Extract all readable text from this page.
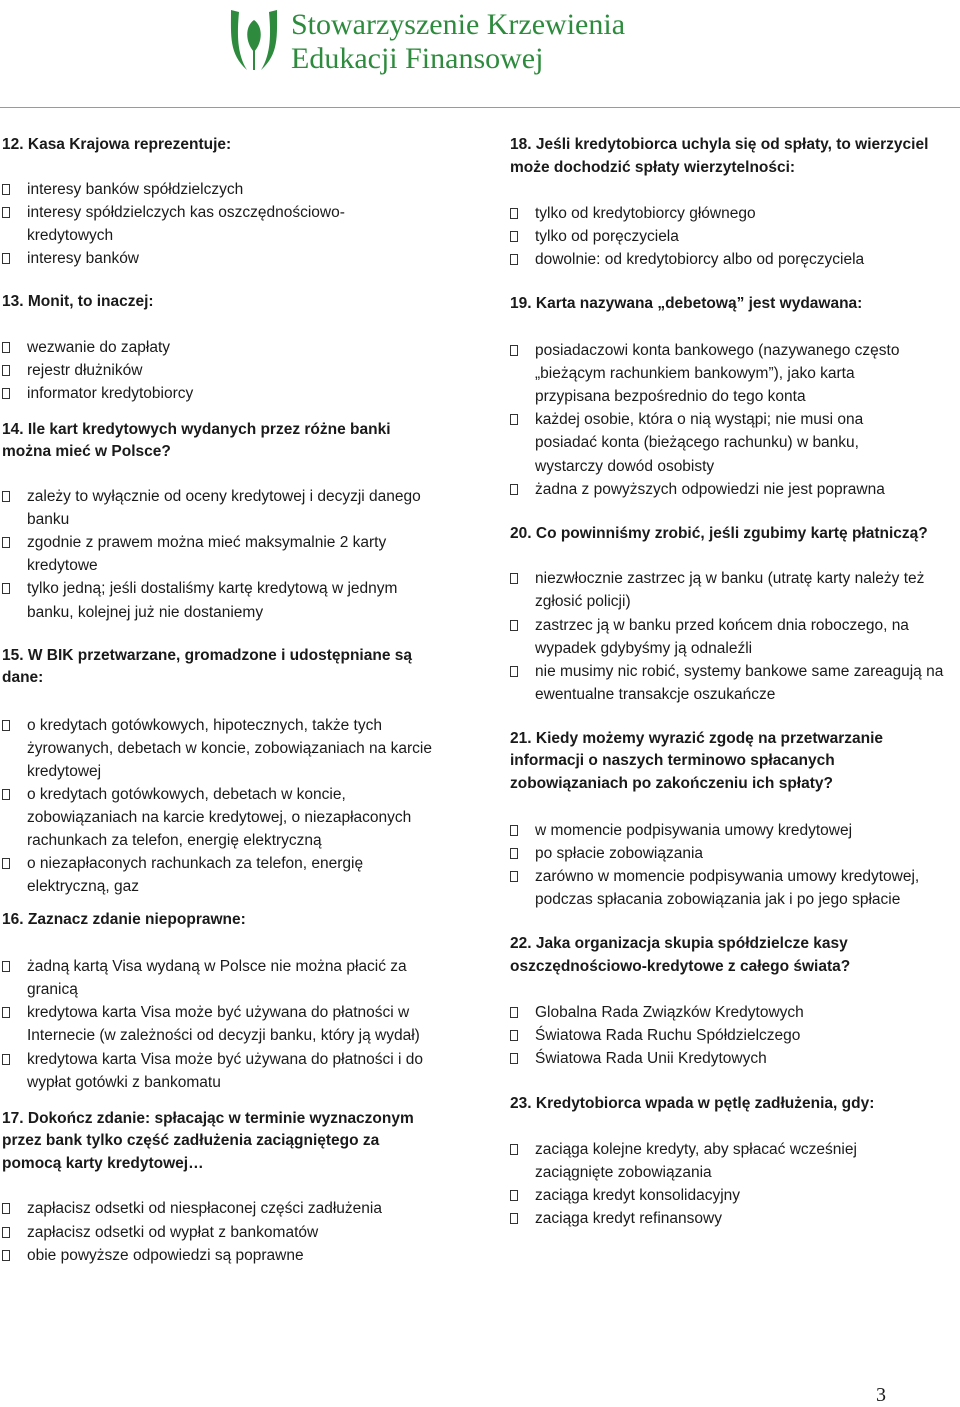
Stowarzyszenie Krzewienia
Edukacji Finansowej
12. Kasa Krajowa reprezentuje:
interesy banków spółdzielczych
interesy spółdzielczych kas oszczędnościowo-kredytowych
interesy banków
13. Monit, to inaczej:
wezwanie do zapłaty
rejestr dłużników
informator kredytobiorcy
14. Ile kart kredytowych wydanych przez różne banki można mieć w Polsce?
zależy to wyłącznie od oceny kredytowej i decyzji danego banku
zgodnie z prawem można mieć maksymalnie 2 karty kredytowe
tylko jedną; jeśli dostaliśmy kartę kredytową w jednym banku, kolejnej już nie dostaniemy
15. W BIK przetwarzane, gromadzone i udostępniane są dane:
o kredytach gotówkowych, hipotecznych, także tych żyrowanych, debetach w koncie, zobowiązaniach na karcie kredytowej
o kredytach gotówkowych, debetach w koncie, zobowiązaniach na karcie kredytowej, o niezapłaconych rachunkach za telefon, energię elektryczną
o niezapłaconych rachunkach za telefon, energię elektryczną, gaz
16. Zaznacz zdanie niepoprawne:
żadną kartą Visa wydaną w Polsce nie można płacić za granicą
kredytowa karta Visa może być używana do płatności w Internecie (w zależności od decyzji banku, który ją wydał)
kredytowa karta Visa może być używana do płatności i do wypłat gotówki z bankomatu
17. Dokończ zdanie: spłacając w terminie wyznaczonym przez bank tylko część zadłużenia zaciągniętego za pomocą karty kredytowej…
zapłacisz odsetki od niespłaconej części zadłużenia
zapłacisz odsetki od wypłat z bankomatów
obie powyższe odpowiedzi są poprawne
18. Jeśli kredytobiorca uchyla się od spłaty, to wierzyciel może dochodzić spłaty wierzytelności:
tylko od kredytobiorcy głównego
tylko od poręczyciela
dowolnie: od kredytobiorcy albo od poręczyciela
19. Karta nazywana „debetową” jest wydawana:
posiadaczowi konta bankowego (nazywanego często „bieżącym rachunkiem bankowym”), jako karta przypisana bezpośrednio do tego konta
każdej osobie, która o nią wystąpi; nie musi ona posiadać konta (bieżącego rachunku) w banku, wystarczy dowód osobisty
żadna z powyższych odpowiedzi nie jest poprawna
20. Co powinniśmy zrobić, jeśli zgubimy kartę płatniczą?
niezwłocznie zastrzec ją w banku (utratę karty należy też zgłosić policji)
zastrzec ją w banku przed końcem dnia roboczego, na wypadek gdybyśmy ją odnaleźli
nie musimy nic robić, systemy bankowe same zareagują na ewentualne transakcje oszukańcze
21. Kiedy możemy wyrazić zgodę na przetwarzanie informacji o naszych terminowo spłacanych zobowiązaniach po zakończeniu ich spłaty?
w momencie podpisywania umowy kredytowej
po spłacie zobowiązania
zarówno w momencie podpisywania umowy kredytowej, podczas spłacania zobowiązania jak i po jego spłacie
22. Jaka organizacja skupia spółdzielcze kasy oszczędnościowo-kredytowe z całego świata?
Globalna Rada Związków Kredytowych
Światowa Rada Ruchu Spółdzielczego
Światowa Rada Unii Kredytowych
23. Kredytobiorca wpada w pętlę zadłużenia, gdy:
zaciąga kolejne kredyty, aby spłacać wcześniej zaciągnięte zobowiązania
zaciąga kredyt konsolidacyjny
zaciąga kredyt refinansowy
3
